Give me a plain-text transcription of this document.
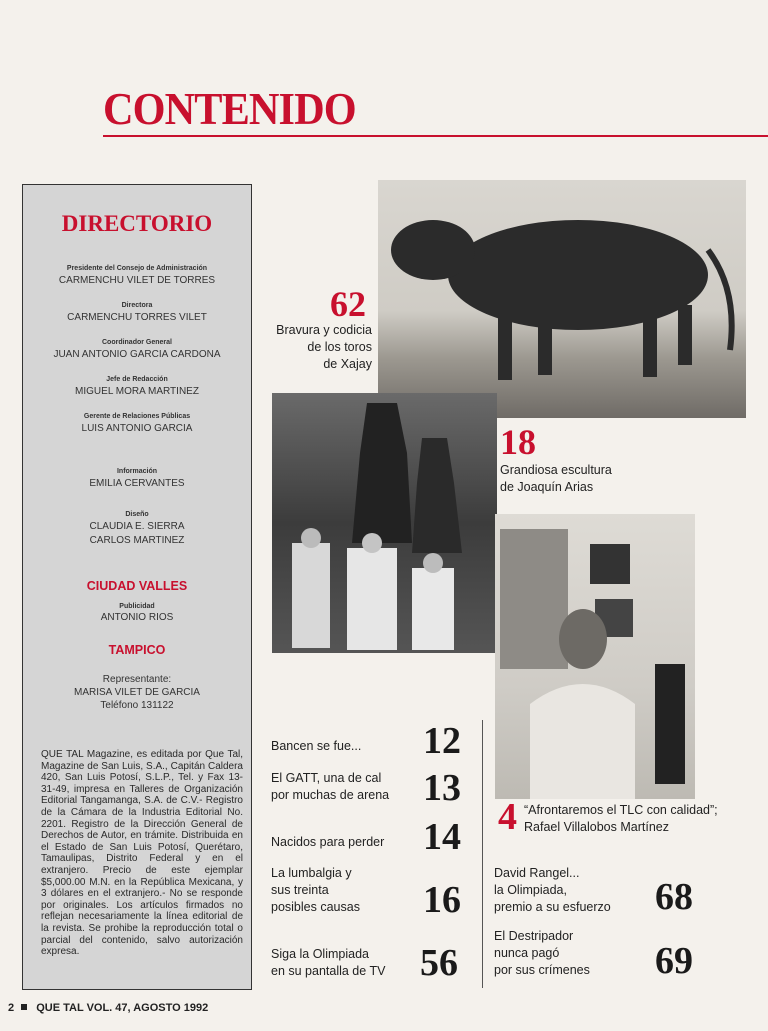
CONTENIDO
DIRECTORIO
Presidente del Consejo de Administración
CARMENCHU VILET DE TORRES
Directora
CARMENCHU TORRES VILET
Coordinador General
JUAN ANTONIO GARCIA CARDONA
Jefe de Redacción
MIGUEL MORA MARTINEZ
Gerente de Relaciones Públicas
LUIS ANTONIO GARCIA
Información
EMILIA CERVANTES
Diseño
CLAUDIA E. SIERRA
CARLOS MARTINEZ
CIUDAD VALLES
Publicidad
ANTONIO RIOS
TAMPICO
Representante:
MARISA VILET DE GARCIA
Teléfono 131122
QUE TAL Magazine, es editada por Que Tal, Magazine de San Luis, S.A., Capitán Caldera 420, San Luis Potosí, S.L.P., Tel. y Fax 13-31-49, impresa en Talleres de Organización Editorial Tangamanga, S.A. de C.V.- Registro de la Cámara de la Industria Editorial No. 2201. Registro de la Dirección General de Derechos de Autor, en trámite. Distribuida en el Estado de San Luis Potosí, Querétaro, Tamaulipas, Distrito Federal y en el extranjero. Precio de este ejemplar $5,000.00 M.N. en la República Mexicana, y 3 dólares en el extranjero.- No se responde por originales. Los artículos firmados no reflejan necesariamente la línea editorial de la revista. Se prohibe la reproducción total o parcial del contenido, salvo autorización expresa.
62
Bravura y codicia
de los toros
de Xajay
18
Grandiosa escultura
de Joaquín Arias
4 “Afrontaremos el TLC con calidad”;
Rafael Villalobos Martínez
Bancen se fue... 12
El GATT, una de cal
por muchas de arena 13
Nacidos para perder 14
La lumbalgia y
sus treinta
posibles causas 16
Siga la Olimpiada
en su pantalla de TV 56
David Rangel...
la Olimpiada,
premio a su esfuerzo 68
El Destripador
nunca pagó
por sus crímenes 69
2 QUE TAL VOL. 47, AGOSTO 1992
